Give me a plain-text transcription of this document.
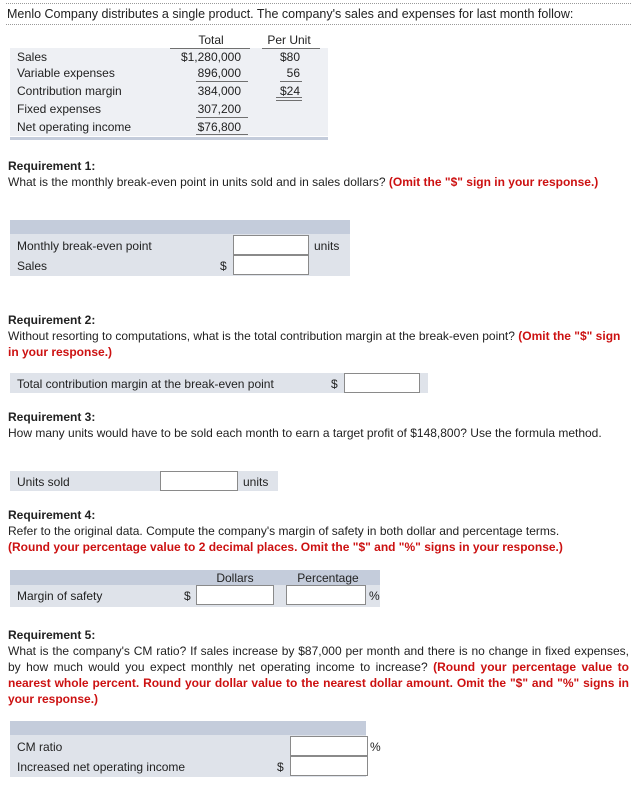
Menlo Company distributes a single product. The company's sales and expenses for last month follow:
Total	Per Unit
Sales	$1,280,000	$80
Variable expenses	896,000	56
Contribution margin	384,000	$24
Fixed expenses	307,200
Net operating income	$76,800
Requirement 1:
What is the monthly break-even point in units sold and in sales dollars? (Omit the "$" sign in your response.)
Monthly break-even point	units
Sales	$
Requirement 2:
Without resorting to computations, what is the total contribution margin at the break-even point? (Omit the "$" sign in your response.)
Total contribution margin at the break-even point	$
Requirement 3:
How many units would have to be sold each month to earn a target profit of $148,800? Use the formula method.
Units sold	units
Requirement 4:
Refer to the original data. Compute the company's margin of safety in both dollar and percentage terms.
(Round your percentage value to 2 decimal places. Omit the "$" and "%" signs in your response.)
Dollars	Percentage
Margin of safety	$	%
Requirement 5:
What is the company's CM ratio? If sales increase by $87,000 per month and there is no change in fixed expenses, by how much would you expect monthly net operating income to increase? (Round your percentage value to nearest whole percent. Round your dollar value to the nearest dollar amount. Omit the "$" and "%" signs in your response.)
CM ratio	%
Increased net operating income	$
